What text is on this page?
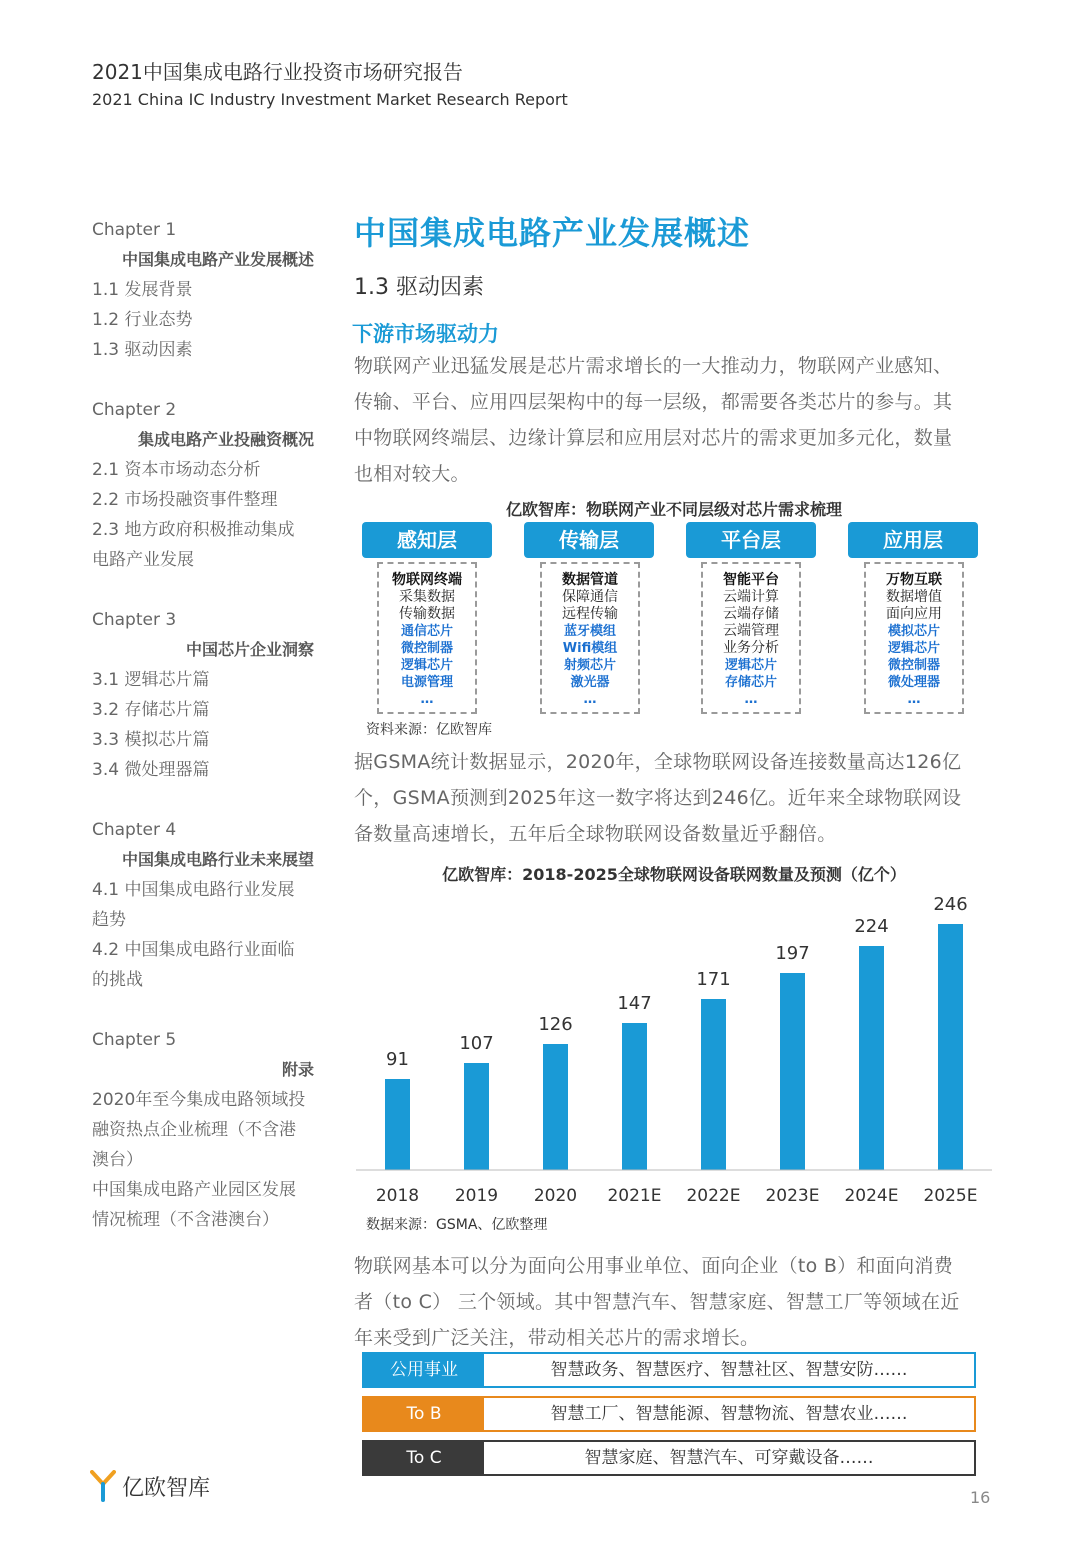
2021中国集成电路行业投资市场研究报告
2021 China IC Industry Investment Market Research Report
Chapter 1
中国集成电路产业发展概述
1.1 发展背景
1.2 行业态势
1.3 驱动因素
Chapter 2
集成电路产业投融资概况
2.1 资本市场动态分析
2.2 市场投融资事件整理
2.3 地方政府积极推动集成
电路产业发展
Chapter 3
中国芯片企业洞察
3.1 逻辑芯片篇
3.2 存储芯片篇
3.3 模拟芯片篇
3.4 微处理器篇
Chapter 4
中国集成电路行业未来展望
4.1 中国集成电路行业发展
趋势
4.2 中国集成电路行业面临
的挑战
Chapter 5
附录
2020年至今集成电路领域投
融资热点企业梳理（不含港
澳台）
中国集成电路产业园区发展
情况梳理（不含港澳台）
中国集成电路产业发展概述
1.3 驱动因素
下游市场驱动力
物联网产业迅猛发展是芯片需求增长的一大推动力，物联网产业感知、
传输、平台、应用四层架构中的每一层级，都需要各类芯片的参与。其
中物联网终端层、边缘计算层和应用层对芯片的需求更加多元化，数量
也相对较大。
亿欧智库：物联网产业不同层级对芯片需求梳理
感知层	传输层	平台层	应用层
物联网终端
采集数据
传输数据
通信芯片
微控制器
逻辑芯片
电源管理
…
数据管道
保障通信
远程传输
蓝牙模组
Wifi模组
射频芯片
激光器
…
智能平台
云端计算
云端存储
云端管理
业务分析
逻辑芯片
存储芯片
…
万物互联
数据增值
面向应用
模拟芯片
逻辑芯片
微控制器
微处理器
…
资料来源：亿欧智库
据GSMA统计数据显示，2020年，全球物联网设备连接数量高达126亿
个，GSMA预测到2025年这一数字将达到246亿。近年来全球物联网设
备数量高速增长，五年后全球物联网设备数量近乎翻倍。
亿欧智库：2018-2025全球物联网设备联网数量及预测（亿个）
91
2018
107
2019
126
2020
147
2021E
171
2022E
197
2023E
224
2024E
246
2025E
数据来源：GSMA、亿欧整理
物联网基本可以分为面向公用事业单位、面向企业（to B）和面向消费
者（to C） 三个领域。其中智慧汽车、智慧家庭、智慧工厂等领域在近
年来受到广泛关注，带动相关芯片的需求增长。
公用事业	智慧政务、智慧医疗、智慧社区、智慧安防……
To B	智慧工厂、智慧能源、智慧物流、智慧农业……
To C	智慧家庭、智慧汽车、可穿戴设备……
亿欧智库	16
